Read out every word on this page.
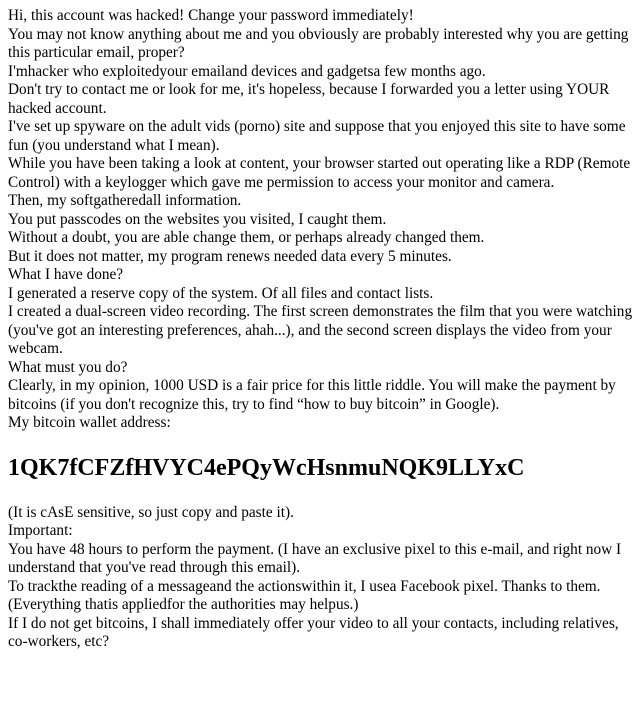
Hi, this account was hacked! Change your password immediately!

You may not know anything about me and you obviously are probably interested why you are getting this particular email, proper?

I'mhacker who exploitedyour emailand devices and gadgetsa few months ago.

Don't try to contact me or look for me, it's hopeless, because I forwarded you a letter using YOUR hacked account.

I've set up spyware on the adult vids (porno) site and suppose that you enjoyed this site to have some fun (you understand what I mean).

While you have been taking a look at content, your browser started out operating like a RDP (Remote Control) with a keylogger which gave me permission to access your monitor and camera.

Then, my softgatheredall information.

You put passcodes on the websites you visited, I caught them.

Without a doubt, you are able change them, or perhaps already changed them.

But it does not matter, my program renews needed data every 5 minutes.

What I have done?

I generated a reserve copy of the system. Of all files and contact lists.

I created a dual-screen video recording. The first screen demonstrates the film that you were watching (you've got an interesting preferences, ahah...), and the second screen displays the video from your webcam.

What must you do?

Clearly, in my opinion, 1000 USD is a fair price for this little riddle. You will make the payment by bitcoins (if you don't recognize this, try to find “how to buy bitcoin” in Google).

My bitcoin wallet address:

1QK7fCFZfHVYC4ePQyWcHsnmuNQK9LLYxC

(It is cAsE sensitive, so just copy and paste it).

Important:

You have 48 hours to perform the payment. (I have an exclusive pixel to this e-mail, and right now I understand that you've read through this email).

To trackthe reading of a messageand the actionswithin it, I usea Facebook pixel. Thanks to them. (Everything thatis appliedfor the authorities may helpus.)

If I do not get bitcoins, I shall immediately offer your video to all your contacts, including relatives, co-workers, etc?
